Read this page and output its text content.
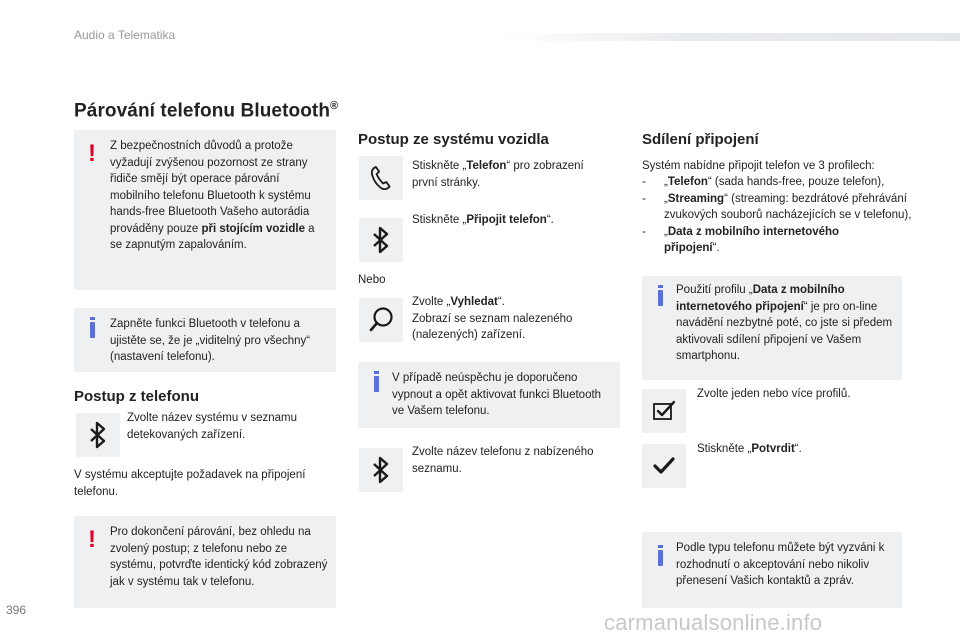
Audio a Telematika
Párování telefonu Bluetooth®
! Z bezpečnostních důvodů a protože vyžadují zvýšenou pozornost ze strany řidiče smějí být operace párování mobilního telefonu Bluetooth k systému hands-free Bluetooth Vašeho autorádia prováděny pouze při stojícím vozidle a se zapnutým zapalováním.
Zapněte funkci Bluetooth v telefonu a ujistěte se, že je „viditelný pro všechny“ (nastavení telefonu).
Postup z telefonu
Zvolte název systému v seznamu detekovaných zařízení.
V systému akceptujte požadavek na připojení telefonu.
! Pro dokončení párování, bez ohledu na zvolený postup; z telefonu nebo ze systému, potvrďte identický kód zobrazený jak v systému tak v telefonu.
Postup ze systému vozidla
Stiskněte „Telefon“ pro zobrazení první stránky.
Stiskněte „Připojit telefon“.
Nebo
Zvolte „Vyhledat“.
Zobrazí se seznam nalezeného (nalezených) zařízení.
V případě neúspěchu je doporučeno vypnout a opět aktivovat funkci Bluetooth ve Vašem telefonu.
Zvolte název telefonu z nabízeného seznamu.
Sdílení připojení
Systém nabídne připojit telefon ve 3 profilech:
- „Telefon“ (sada hands-free, pouze telefon),
- „Streaming“ (streaming: bezdrátové přehrávání zvukových souborů nacházejících se v telefonu),
- „Data z mobilního internetového připojení“.
Použití profilu „Data z mobilního internetového připojení“ je pro on-line navádění nezbytné poté, co jste si předem aktivovali sdílení připojení ve Vašem smartphonu.
Zvolte jeden nebo více profilů.
Stiskněte „Potvrdit“.
Podle typu telefonu můžete být vyzváni k rozhodnutí o akceptování nebo nikoliv přenesení Vašich kontaktů a zpráv.
396	carmanualsonline.info
